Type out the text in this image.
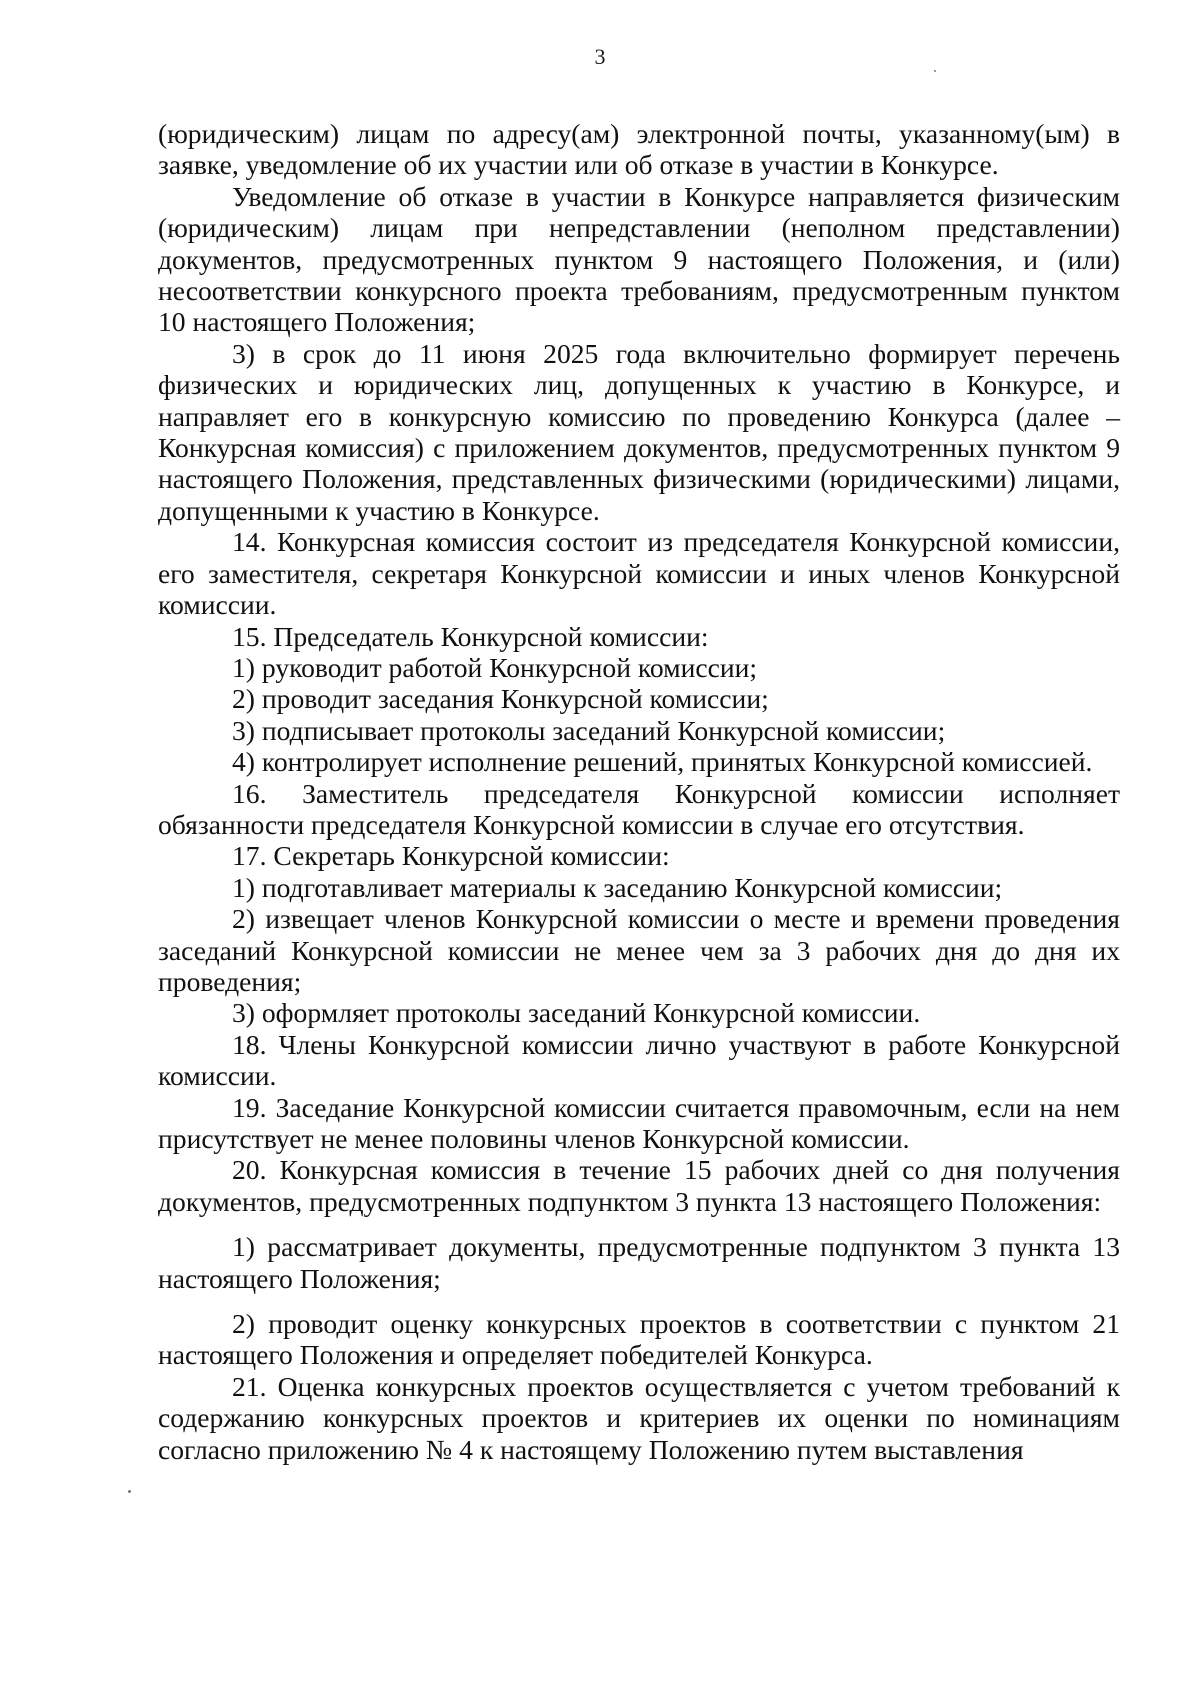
3

(юридическим) лицам по адресу(ам) электронной почты, указанному(ым) в заявке, уведомление об их участии или об отказе в участии в Конкурсе.

Уведомление об отказе в участии в Конкурсе направляется физическим (юридическим) лицам при непредставлении (неполном представлении) документов, предусмотренных пунктом 9 настоящего Положения, и (или) несоответствии конкурсного проекта требованиям, предусмотренным пунктом 10 настоящего Положения;

3) в срок до 11 июня 2025 года включительно формирует перечень физических и юридических лиц, допущенных к участию в Конкурсе, и направляет его в конкурсную комиссию по проведению Конкурса (далее – Конкурсная комиссия) с приложением документов, предусмотренных пунктом 9 настоящего Положения, представленных физическими (юридическими) лицами, допущенными к участию в Конкурсе.

14. Конкурсная комиссия состоит из председателя Конкурсной комиссии, его заместителя, секретаря Конкурсной комиссии и иных членов Конкурсной комиссии.

15. Председатель Конкурсной комиссии:

1) руководит работой Конкурсной комиссии;

2) проводит заседания Конкурсной комиссии;

3) подписывает протоколы заседаний Конкурсной комиссии;

4) контролирует исполнение решений, принятых Конкурсной комиссией.

16. Заместитель председателя Конкурсной комиссии исполняет обязанности председателя Конкурсной комиссии в случае его отсутствия.

17. Секретарь Конкурсной комиссии:

1) подготавливает материалы к заседанию Конкурсной комиссии;

2) извещает членов Конкурсной комиссии о месте и времени проведения заседаний Конкурсной комиссии не менее чем за 3 рабочих дня до дня их проведения;

3) оформляет протоколы заседаний Конкурсной комиссии.

18. Члены Конкурсной комиссии лично участвуют в работе Конкурсной комиссии.

19. Заседание Конкурсной комиссии считается правомочным, если на нем присутствует не менее половины членов Конкурсной комиссии.

20. Конкурсная комиссия в течение 15 рабочих дней со дня получения документов, предусмотренных подпунктом 3 пункта 13 настоящего Положения:

1) рассматривает документы, предусмотренные подпунктом 3 пункта 13 настоящего Положения;

2) проводит оценку конкурсных проектов в соответствии с пунктом 21 настоящего Положения и определяет победителей Конкурса.

21. Оценка конкурсных проектов осуществляется с учетом требований к содержанию конкурсных проектов и критериев их оценки по номинациям согласно приложению № 4 к настоящему Положению путем выставления
